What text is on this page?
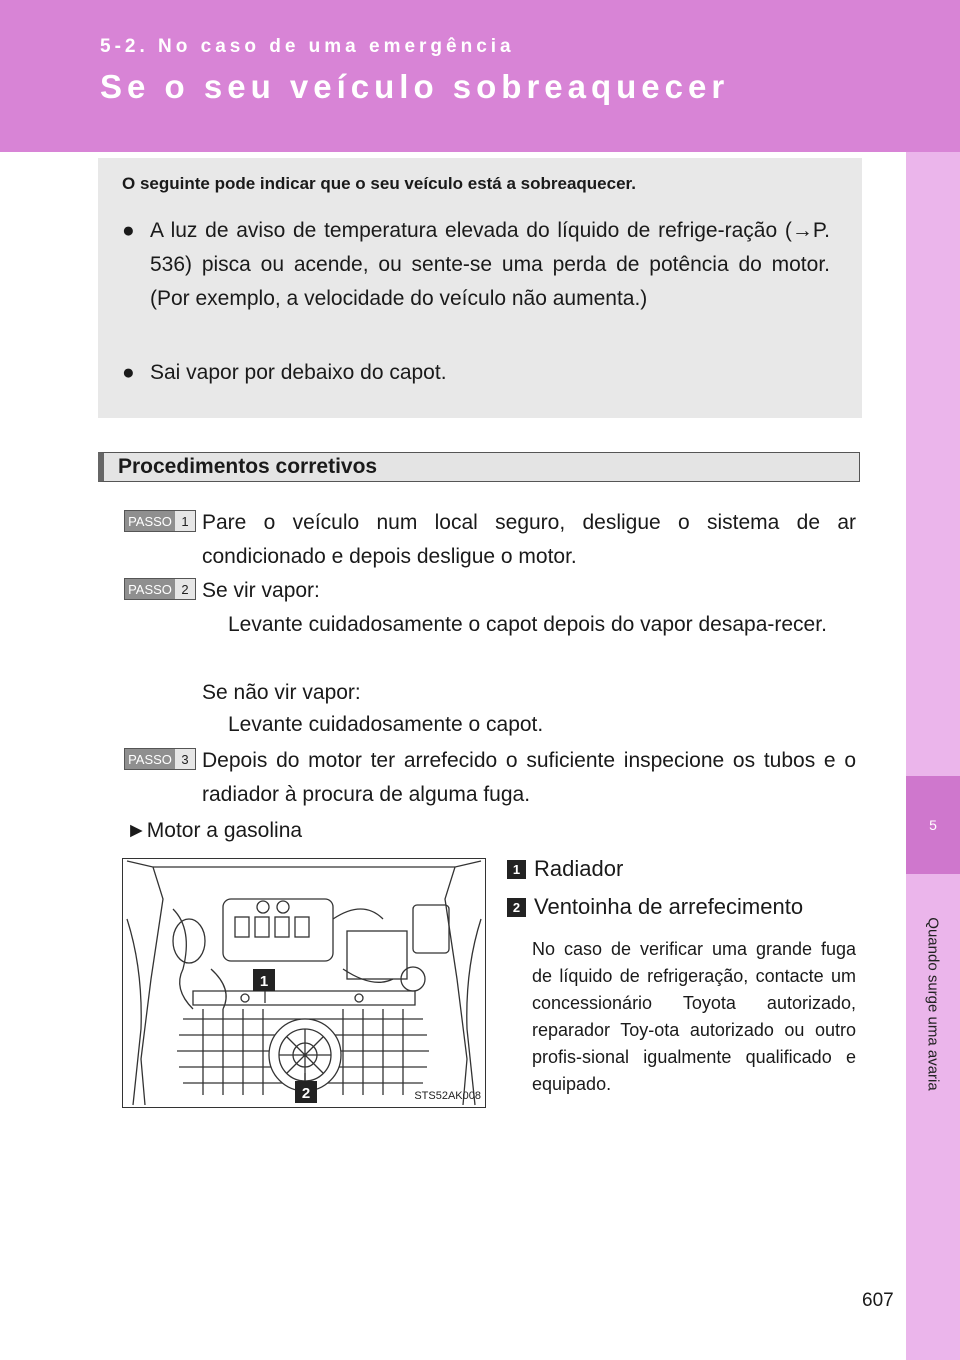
5-2. No caso de uma emergência
Se o seu veículo sobreaquecer
5
Quando surge uma avaria
O seguinte pode indicar que o seu veículo está a sobreaquecer.
● A luz de aviso de temperatura elevada do líquido de refrige-ração (→P. 536) pisca ou acende, ou sente-se uma perda de potência do motor. (Por exemplo, a velocidade do veículo não aumenta.)
● Sai vapor por debaixo do capot.
Procedimentos corretivos
PASSO 1 Pare o veículo num local seguro, desligue o sistema de ar condicionado e depois desligue o motor.
PASSO 2 Se vir vapor:
Levante cuidadosamente o capot depois do vapor desapa-recer.
Se não vir vapor:
Levante cuidadosamente o capot.
PASSO 3 Depois do motor ter arrefecido o suficiente inspecione os tubos e o radiador à procura de alguma fuga.
►Motor a gasolina
1
2	STS52AK008
1 Radiador
2 Ventoinha de arrefecimento
No caso de verificar uma grande fuga de líquido de refrigeração, contacte um concessionário Toyota autorizado, reparador Toy-ota autorizado ou outro profis-sional igualmente qualificado e equipado.
607
